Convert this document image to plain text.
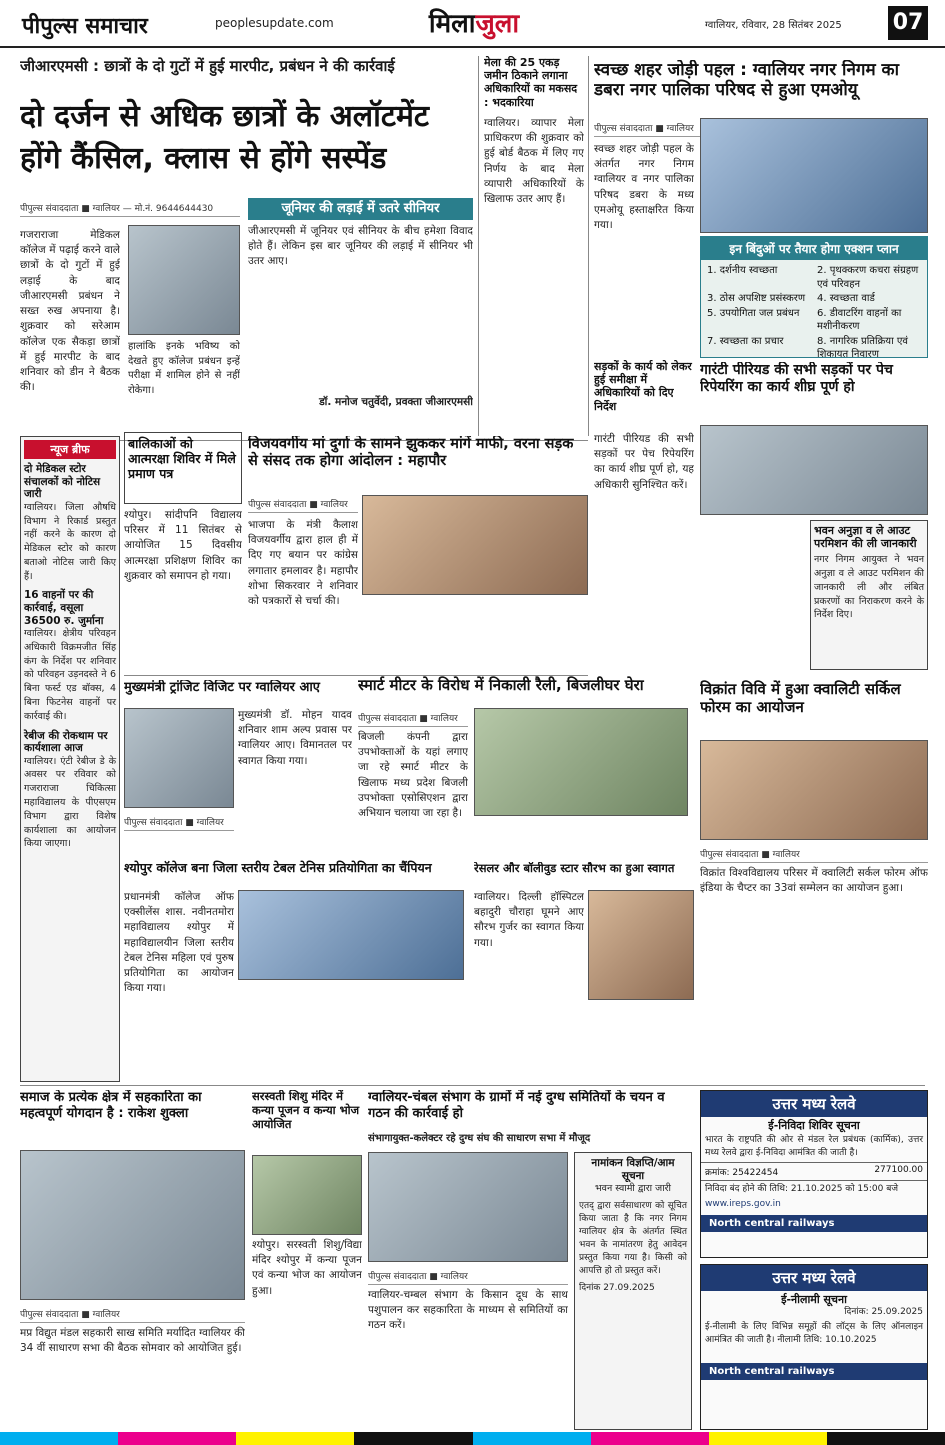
पीपुल्स समाचार	peoplesupdate.com	मिलाजुला	ग्वालियर, रविवार, 28 सितंबर 2025 07
जीआरएमसी : छात्रों के दो गुटों में हुई मारपीट, प्रबंधन ने की कार्रवाई
दो दर्जन से अधिक छात्रों के अलॉटमेंट होंगे कैंसिल, क्लास से होंगे सस्पेंड
पीपुल्स संवाददाता ■ ग्वालियर — मो.नं. 9644644430
गजराराजा मेडिकल कॉलेज में पढ़ाई करने वाले छात्रों के दो गुटों में हुई लड़ाई के बाद जीआरएमसी प्रबंधन ने सख्त रुख अपनाया है। शुक्रवार को सरेआम कॉलेज एक सैकड़ा छात्रों में हुई मारपीट के बाद शनिवार को डीन ने बैठक की।
हालांकि इनके भविष्य को देखते हुए कॉलेज प्रबंधन इन्हें परीक्षा में शामिल होने से नहीं रोकेगा।
जूनियर की लड़ाई में उतरे सीनियर
जीआरएमसी में जूनियर एवं सीनियर के बीच हमेशा विवाद होते हैं। लेकिन इस बार जूनियर की लड़ाई में सीनियर भी उतर आए।
डॉ. मनोज चतुर्वेदी, प्रवक्ता जीआरएमसी
मेला की 25 एकड़ जमीन ठिकाने लगाना अधिकारियों का मकसद : भदकारिया
ग्वालियर। व्यापार मेला प्राधिकरण की शुक्रवार को हुई बोर्ड बैठक में लिए गए निर्णय के बाद मेला व्यापारी अधिकारियों के खिलाफ उतर आए हैं।
स्वच्छ शहर जोड़ी पहल : ग्वालियर नगर निगम का डबरा नगर पालिका परिषद से हुआ एमओयू
पीपुल्स संवाददाता ■ ग्वालियर
स्वच्छ शहर जोड़ी पहल के अंतर्गत नगर निगम ग्वालियर व नगर पालिका परिषद डबरा के मध्य एमओयू हस्ताक्षरित किया गया।
इन बिंदुओं पर तैयार होगा एक्शन प्लान
1. दर्शनीय स्वच्छता	2. पृथक्करण कचरा संग्रहण एवं परिवहन
3. ठोस अपशिष्ट प्रसंस्करण	4. स्वच्छता वार्ड
5. उपयोगिता जल प्रबंधन	6. डीवाटरिंग वाहनों का मशीनीकरण
7. स्वच्छता का प्रचार	8. नागरिक प्रतिक्रिया एवं शिकायत निवारण
सड़कों के कार्य को लेकर हुई समीक्षा में अधिकारियों को दिए निर्देश
गारंटी पीरियड की सभी सड़कों पर पेच रिपेयरिंग का कार्य शीघ्र पूर्ण हो, यह अधिकारी सुनिश्चित करें।
गारंटी पीरियड की सभी सड़कों पर पेच रिपेयरिंग का कार्य शीघ्र पूर्ण हो
भवन अनुज्ञा व ले आउट परमिशन की ली जानकारी
नगर निगम आयुक्त ने भवन अनुज्ञा व ले आउट परमिशन की जानकारी ली और लंबित प्रकरणों का निराकरण करने के निर्देश दिए।
न्यूज ब्रीफ
दो मेडिकल स्टोर संचालकों को नोटिस जारी
ग्वालियर। जिला औषधि विभाग ने रिकार्ड प्रस्तुत नहीं करने के कारण दो मेडिकल स्टोर को कारण बताओ नोटिस जारी किए हैं।
16 वाहनों पर की कार्रवाई, वसूला 36500 रु. जुर्माना
ग्वालियर। क्षेत्रीय परिवहन अधिकारी विक्रमजीत सिंह कंग के निर्देश पर शनिवार को परिवहन उड़नदस्ते ने 6 बिना फर्स्ट एड बॉक्स, 4 बिना फिटनेस वाहनों पर कार्रवाई की।
रेबीज की रोकथाम पर कार्यशाला आज
ग्वालियर। एंटी रेबीज डे के अवसर पर रविवार को गजराराजा चिकित्सा महाविद्यालय के पीएसएम विभाग द्वारा विशेष कार्यशाला का आयोजन किया जाएगा।
बालिकाओं को आत्मरक्षा शिविर में मिले प्रमाण पत्र
श्योपुर। सांदीपनि विद्यालय परिसर में 11 सितंबर से आयोजित 15 दिवसीय आत्मरक्षा प्रशिक्षण शिविर का शुक्रवार को समापन हो गया।
विजयवर्गीय मां दुर्गा के सामने झुककर मांगें माफी, वरना सड़क से संसद तक होगा आंदोलन : महापौर
पीपुल्स संवाददाता ■ ग्वालियर
भाजपा के मंत्री कैलाश विजयवर्गीय द्वारा हाल ही में दिए गए बयान पर कांग्रेस लगातार हमलावर है। महापौर शोभा सिकरवार ने शनिवार को पत्रकारों से चर्चा की।
मुख्यमंत्री ट्रांजिट विजिट पर ग्वालियर आए
पीपुल्स संवाददाता ■ ग्वालियर
मुख्यमंत्री डॉ. मोहन यादव शनिवार शाम अल्प प्रवास पर ग्वालियर आए। विमानतल पर स्वागत किया गया।
स्मार्ट मीटर के विरोध में निकाली रैली, बिजलीघर घेरा
पीपुल्स संवाददाता ■ ग्वालियर
बिजली कंपनी द्वारा उपभोक्ताओं के यहां लगाए जा रहे स्मार्ट मीटर के खिलाफ मध्य प्रदेश बिजली उपभोक्ता एसोसिएशन द्वारा अभियान चलाया जा रहा है।
विक्रांत विवि में हुआ क्वालिटी सर्किल फोरम का आयोजन
पीपुल्स संवाददाता ■ ग्वालियर
विक्रांत विश्वविद्यालय परिसर में क्वालिटी सर्कल फोरम ऑफ इंडिया के चैप्टर का 33वां सम्मेलन का आयोजन हुआ।
श्योपुर कॉलेज बना जिला स्तरीय टेबल टेनिस प्रतियोगिता का चैंपियन
प्रधानमंत्री कॉलेज ऑफ एक्सीलेंस शास. नवीनतमोरा महाविद्यालय श्योपुर में महाविद्यालयीन जिला स्तरीय टेबल टेनिस महिला एवं पुरुष प्रतियोगिता का आयोजन किया गया।
रेसलर और बॉलीवुड स्टार सौरभ का हुआ स्वागत
ग्वालियर। दिल्ली हॉस्पिटल बहादुरी चौराहा घूमने आए सौरभ गुर्जर का स्वागत किया गया।
समाज के प्रत्येक क्षेत्र में सहकारिता का महत्वपूर्ण योगदान है : राकेश शुक्ला
पीपुल्स संवाददाता ■ ग्वालियर
मप्र विद्युत मंडल सहकारी साख समिति मर्यादित ग्वालियर की 34 वीं साधारण सभा की बैठक सोमवार को आयोजित हुई।
सरस्वती शिशु मंदिर में कन्या पूजन व कन्या भोज आयोजित
श्योपुर। सरस्वती शिशु/विद्या मंदिर श्योपुर में कन्या पूजन एवं कन्या भोज का आयोजन हुआ।
ग्वालियर-चंबल संभाग के ग्रामों में नई दुग्ध समितियों के चयन व गठन की कार्रवाई हो
संभागायुक्त-कलेक्टर रहे दुग्ध संघ की साधारण सभा में मौजूद
पीपुल्स संवाददाता ■ ग्वालियर
ग्वालियर-चम्बल संभाग के किसान दूध के साथ पशुपालन कर सहकारिता के माध्यम से समितियों का गठन करें।
नामांकन विज्ञप्ति/आम सूचना
भवन स्वामी द्वारा जारी
एतद् द्वारा सर्वसाधारण को सूचित किया जाता है कि नगर निगम ग्वालियर क्षेत्र के अंतर्गत स्थित भवन के नामांतरण हेतु आवेदन प्रस्तुत किया गया है। किसी को आपत्ति हो तो प्रस्तुत करें।
दिनांक 27.09.2025
उत्तर मध्य रेलवे
ई-निविदा शिविर सूचना
भारत के राष्ट्रपति की ओर से मंडल रेल प्रबंधक (कार्मिक), उत्तर मध्य रेलवे द्वारा ई-निविदा आमंत्रित की जाती है।
क्रमांक: 25422454	277100.00
निविदा बंद होने की तिथि: 21.10.2025 को 15:00 बजे
www.ireps.gov.in
North central railways
उत्तर मध्य रेलवे
ई-नीलामी सूचना
दिनांक: 25.09.2025
ई-नीलामी के लिए विभिन्न समूहों की लॉट्स के लिए ऑनलाइन आमंत्रित की जाती है। नीलामी तिथि: 10.10.2025
North central railways
